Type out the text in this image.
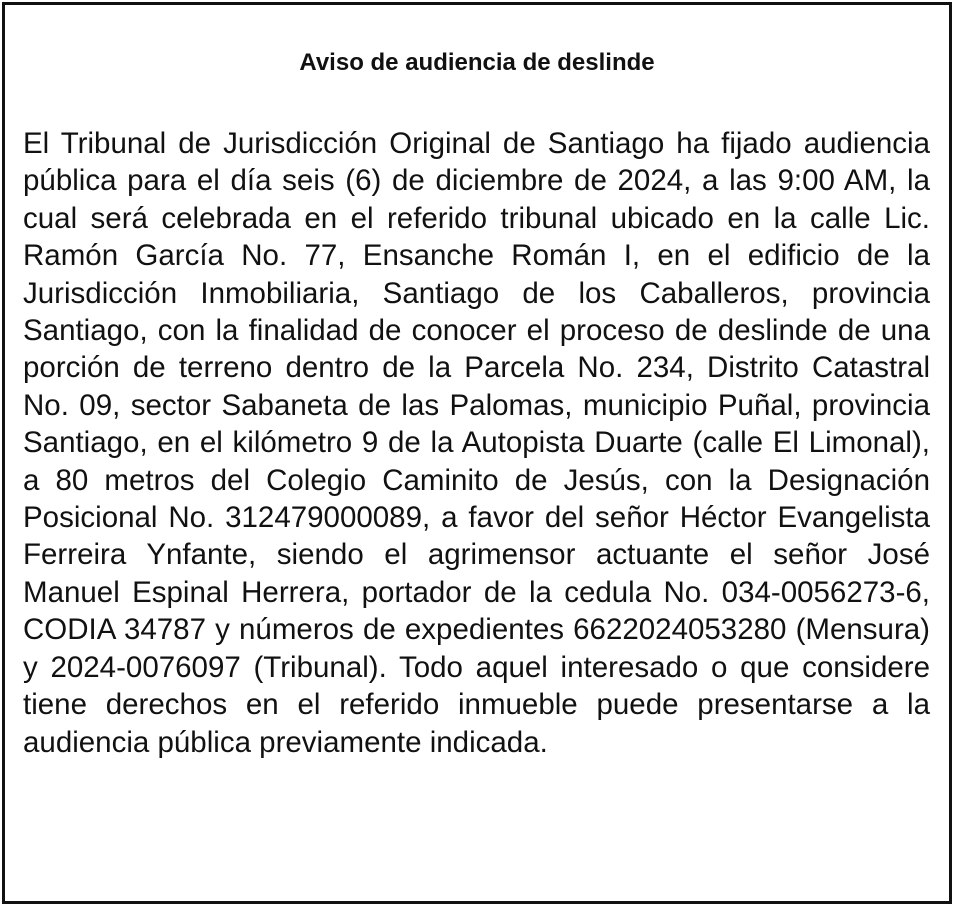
Aviso de audiencia de deslinde

El Tribunal de Jurisdicción Original de Santiago ha fijado audiencia pública para el día seis (6) de diciembre de 2024, a las 9:00 AM, la cual será celebrada en el referido tribunal ubicado en la calle Lic. Ramón García No. 77, Ensanche Román I, en el edificio de la Jurisdicción Inmobiliaria, Santiago de los Caballeros, provincia Santiago, con la finalidad de conocer el proceso de deslinde de una porción de terreno dentro de la Parcela No. 234, Distrito Catastral No. 09, sector Sabaneta de las Palomas, municipio Puñal, provincia Santiago, en el kilómetro 9 de la Autopista Duarte (calle El Limonal), a 80 metros del Colegio Caminito de Jesús, con la Designación Posicional No. 312479000089, a favor del señor Héctor Evangelista Ferreira Ynfante, siendo el agrimensor actuante el señor José Manuel Espinal Herrera, portador de la cedula No. 034-0056273-6, CODIA 34787 y números de expedientes 6622024053280 (Mensura) y 2024-0076097 (Tribunal). Todo aquel interesado o que considere tiene derechos en el referido inmueble puede presentarse a la audiencia pública previamente indicada.
